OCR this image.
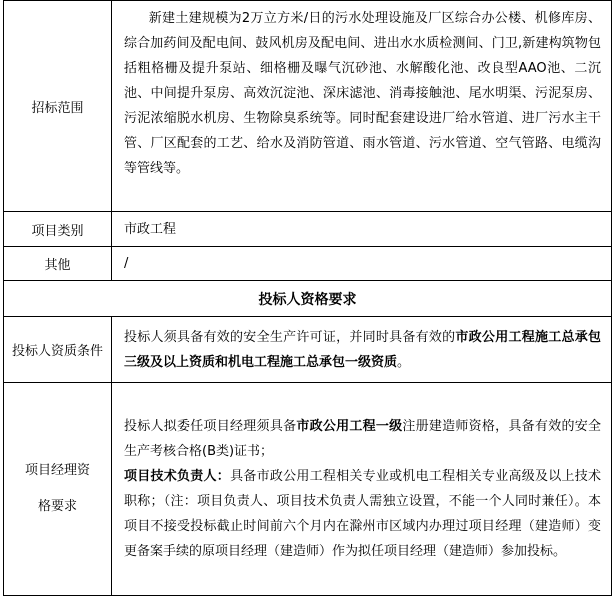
招标范围	新建土建规模为2万立方米/日的污水处理设施及厂区综合办公楼、机修库房、综合加药间及配电间、鼓风机房及配电间、进出水水质检测间、门卫,新建构筑物包括粗格栅及提升泵站、细格栅及曝气沉砂池、水解酸化池、改良型AAO池、二沉池、中间提升泵房、高效沉淀池、深床滤池、消毒接触池、尾水明渠、污泥泵房、污泥浓缩脱水机房、生物除臭系统等。同时配套建设进厂给水管道、进厂污水主干管、厂区配套的工艺、给水及消防管道、雨水管道、污水管道、空气管路、电缆沟等管线等。

项目类别	市政工程
其他	/
投标人资格要求	
投标人资质条件	投标人须具备有效的安全生产许可证，并同时具备有效的市政公用工程施工总承包三级及以上资质和机电工程施工总承包一级资质。

项目经理资格要求	投标人拟委任项目经理须具备市政公用工程一级注册建造师资格，具备有效的安全生产考核合格(B类)证书；

项目技术负责人：具备市政公用工程相关专业或机电工程相关专业高级及以上技术职称；（注：项目负责人、项目技术负责人需独立设置，不能一个人同时兼任）。本项目不接受投标截止时间前六个月内在滁州市区域内办理过项目经理（建造师）变更备案手续的原项目经理（建造师）作为拟任项目经理（建造师）参加投标。
